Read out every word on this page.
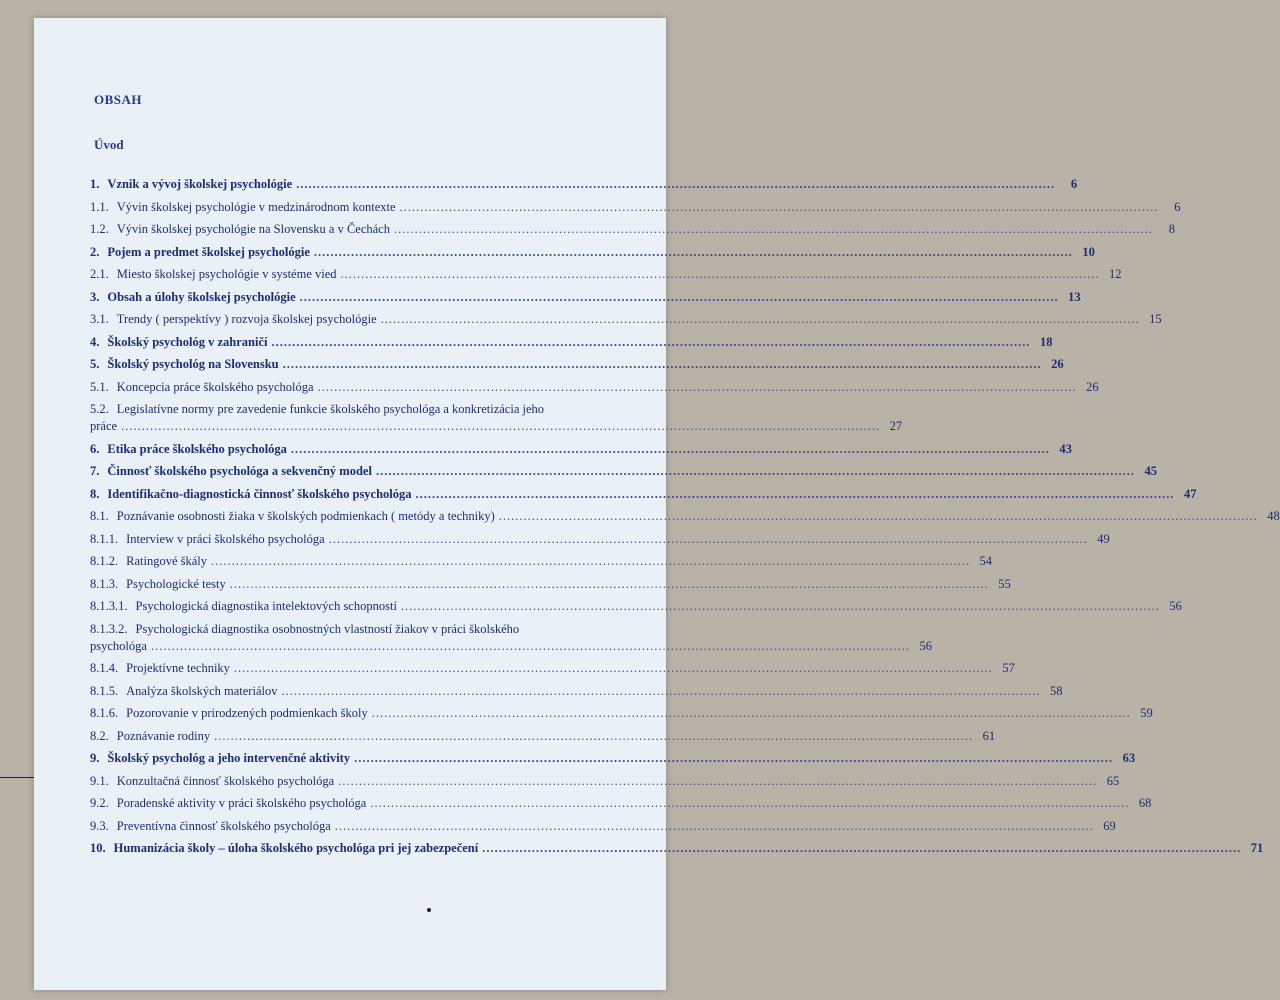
OBSAH
Úvod
1. Vznik a vývoj školskej psychológie .....	6
1.1. Vývin školskej psychológie v medzinárodnom kontexte .....	6
1.2. Vývin školskej psychológie na Slovensku a v Čechách .....	8
2. Pojem a predmet školskej psychológie .....	10
2.1. Miesto školskej psychológie v systéme vied .....	12
3. Obsah a úlohy školskej psychológie .....	13
3.1. Trendy ( perspektívy ) rozvoja školskej psychológie .....	15
4. Školský psychológ v zahraničí .....	18
5. Školský psychológ na Slovensku .....	26
5.1. Koncepcia práce školského psychológa .....	26
5.2. Legislatívne normy pre zavedenie funkcie školského psychológa a konkretizácia jeho
práce .....	27
6. Etika práce školského psychológa .....	43
7. Činnosť školského psychológa a sekvenčný model .....	45
8. Identifikačno-diagnostická činnosť školského psychológa .....	47
8.1. Poznávanie osobnosti žiaka v školských podmienkach ( metódy a techniky) .....	48
8.1.1. Interview v práci školského psychológa .....	49
8.1.2. Ratingové škály .....	54
8.1.3. Psychologické testy .....	55
8.1.3.1. Psychologická diagnostika intelektových schopností .....	56
8.1.3.2. Psychologická diagnostika osobnostných vlastností žiakov v práci školského
psychológa .....	56
8.1.4. Projektívne techniky .....	57
8.1.5. Analýza školských materiálov .....	58
8.1.6. Pozorovanie v prirodzených podmienkach školy .....	59
8.2. Poznávanie rodiny .....	61
9. Školský psychológ a jeho intervenčné aktivity .....	63
9.1. Konzultačná činnosť školského psychológa .....	65
9.2. Poradenské aktivity v práci školského psychológa .....	68
9.3. Preventívna činnosť školského psychológa .....	69
10. Humanizácia školy – úloha školského psychológa pri jej zabezpečení .....	71
